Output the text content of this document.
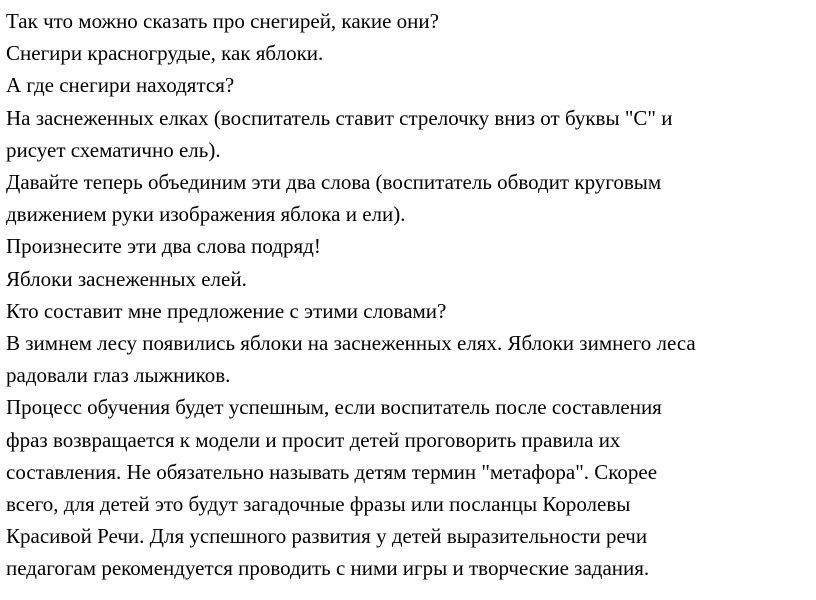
Так что можно сказать про снегирей, какие они?
Снегири красногрудые, как яблоки.
А где снегири находятся?
На заснеженных елках (воспитатель ставит стрелочку вниз от буквы "С" и
рисует схематично ель).
Давайте теперь объединим эти два слова (воспитатель обводит круговым
движением руки изображения яблока и ели).
Произнесите эти два слова подряд!
Яблоки заснеженных елей.
Кто составит мне предложение с этими словами?
В зимнем лесу появились яблоки на заснеженных елях. Яблоки зимнего леса
радовали глаз лыжников.
Процесс обучения будет успешным, если воспитатель после составления
фраз возвращается к модели и просит детей проговорить правила их
составления. Не обязательно называть детям термин "метафора". Скорее
всего, для детей это будут загадочные фразы или посланцы Королевы
Красивой Речи. Для успешного развития у детей выразительности речи
педагогам рекомендуется проводить с ними игры и творческие задания.
